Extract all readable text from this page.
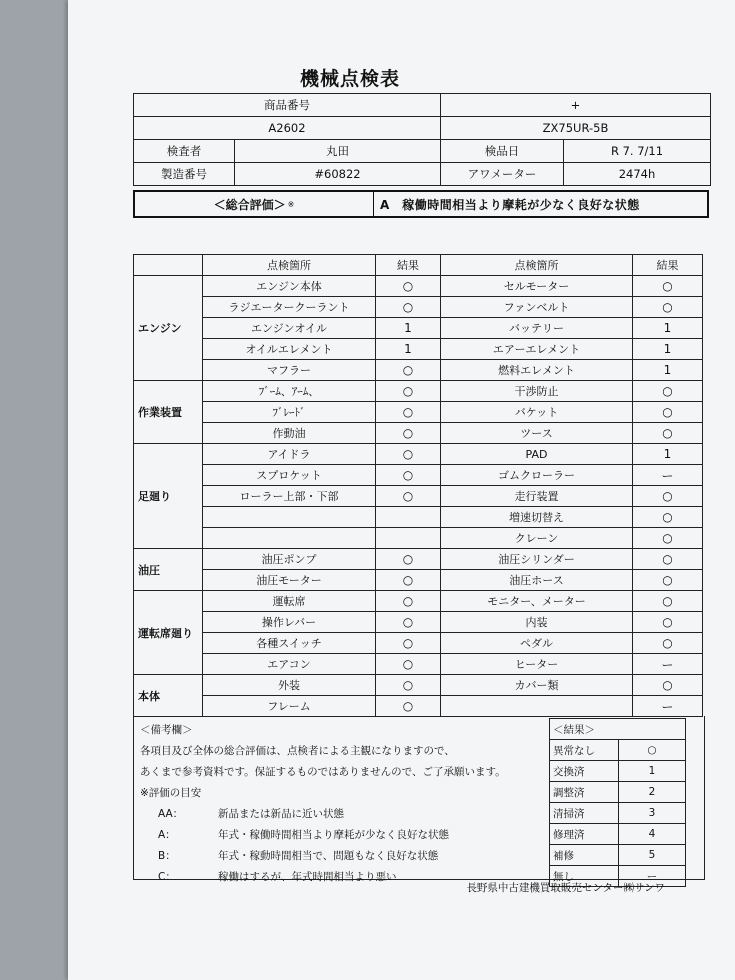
機械点検表
商品番号		+	
A2602		ZX75UR-5B	
検査者	丸田	検品日	R 7. 7/11
製造番号	#60822	アワメーター	2474h
＜総合評価＞ ※	A　稼働時間相当より摩耗が少なく良好な状態
	点検箇所	結果	点検箇所	結果
エンジン	エンジン本体	○	セルモーター	○
	ラジエータークーラント	○	ファンベルト	○
	エンジンオイル	1	バッテリー	1
	オイルエレメント	1	エアーエレメント	1
	マフラー	○	燃料エレメント	1
作業装置	ﾌﾞｰﾑ、ｱｰﾑ、	○	干渉防止	○
	ﾌﾞﾚｰﾄﾞ	○	バケット	○
	作動油	○	ツース	○
足廻り	アイドラ	○	PAD	1
	スプロケット	○	ゴムクローラー	ー
	ローラー上部・下部	○	走行装置	○
			増速切替え	○
			クレーン	○
油圧	油圧ポンプ	○	油圧シリンダー	○
	油圧モーター	○	油圧ホース	○
運転席廻り	運転席	○	モニター、メーター	○
	操作レバー	○	内装	○
	各種スイッチ	○	ペダル	○
	エアコン	○	ヒーター	ー
本体	外装	○	カバー類	○
	フレーム	○		ー
＜備考欄＞
各項目及び全体の総合評価は、点検者による主観になりますので、
あくまで参考資料です。保証するものではありませんので、ご了承願います。
※評価の目安
AA：	新品または新品に近い状態
A：	年式・稼働時間相当より摩耗が少なく良好な状態
B：	年式・稼動時間相当で、問題もなく良好な状態
C：	稼働はするが、年式時間相当より悪い
＜結果＞	
異常なし	○
交換済	1
調整済	2
清掃済	3
修理済	4
補修	5
無し	ー
長野県中古建機買取販売センター㈱サンワ
